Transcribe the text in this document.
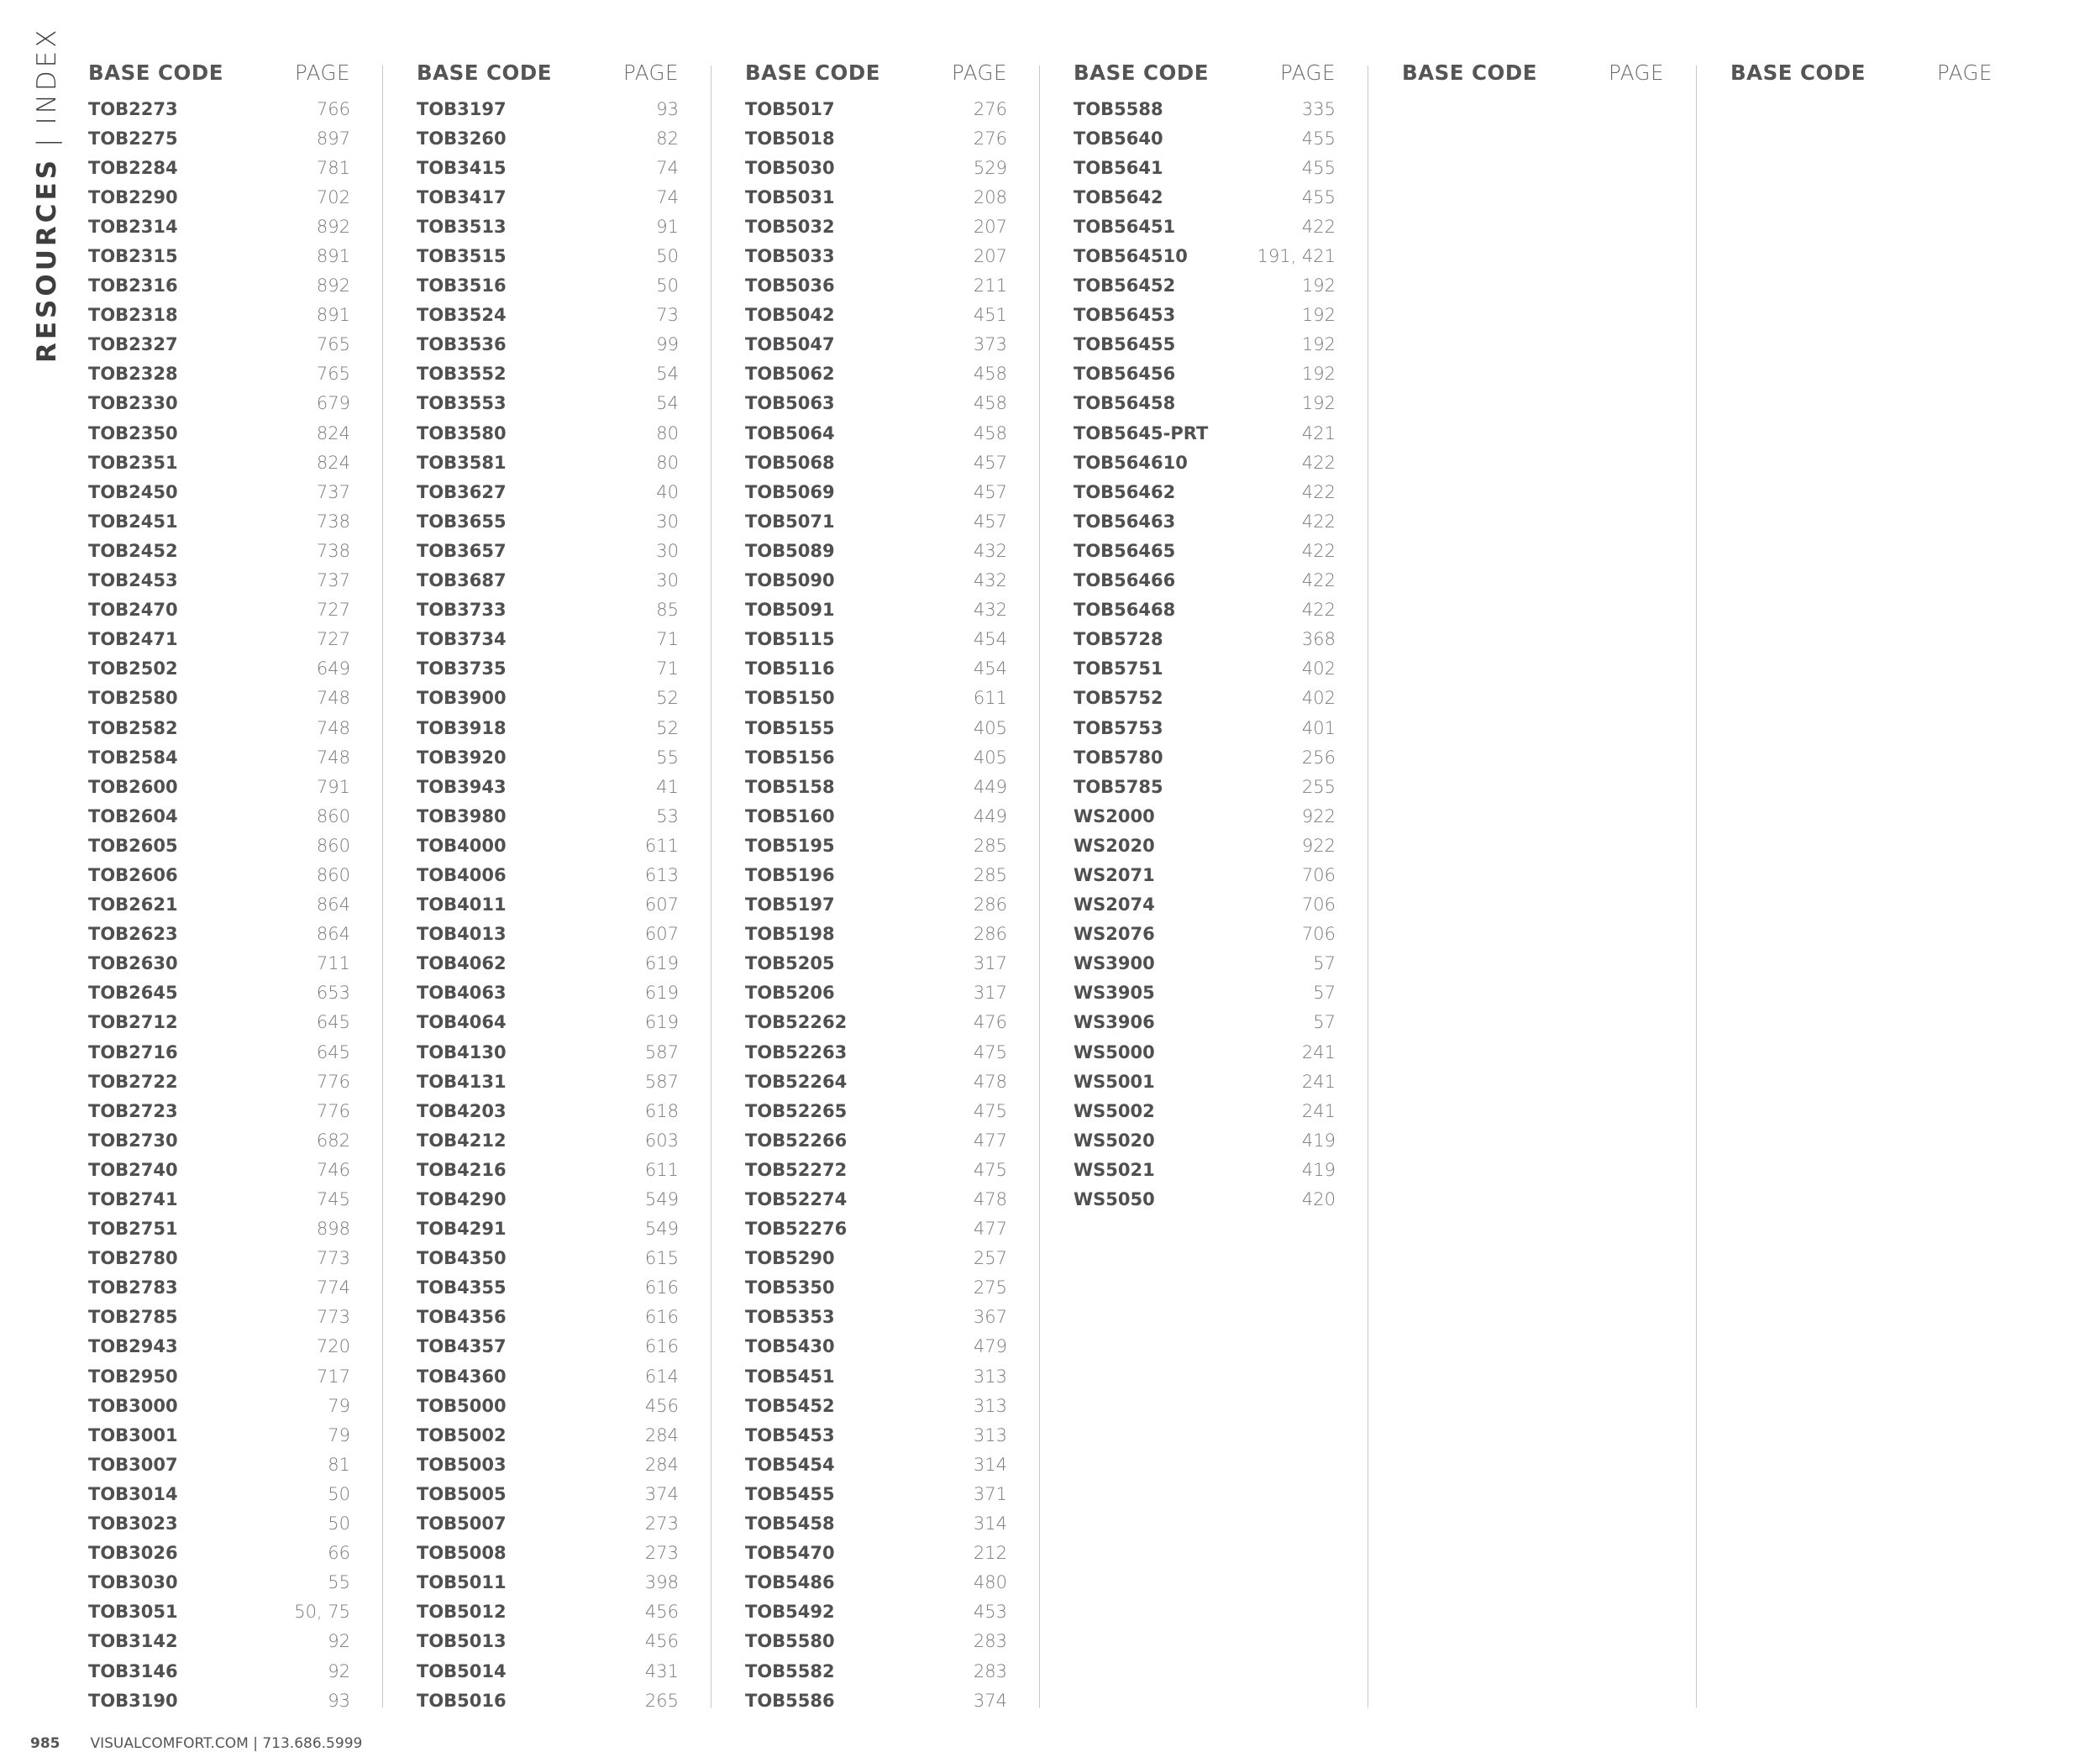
RESOURCES
|
INDEX BASE CODE	PAGE
TOB2273	766
TOB2275	897
TOB2284	781
TOB2290	702
TOB2314	892
TOB2315	891
TOB2316	892
TOB2318	891
TOB2327	765
TOB2328	765
TOB2330	679
TOB2350	824
TOB2351	824
TOB2450	737
TOB2451	738
TOB2452	738
TOB2453	737
TOB2470	727
TOB2471	727
TOB2502	649
TOB2580	748
TOB2582	748
TOB2584	748
TOB2600	791
TOB2604	860
TOB2605	860
TOB2606	860
TOB2621	864
TOB2623	864
TOB2630	711
TOB2645	653
TOB2712	645
TOB2716	645
TOB2722	776
TOB2723	776
TOB2730	682
TOB2740	746
TOB2741	745
TOB2751	898
TOB2780	773
TOB2783	774
TOB2785	773
TOB2943	720
TOB2950	717
TOB3000	79
TOB3001	79
TOB3007	81
TOB3014	50
TOB3023	50
TOB3026	66
TOB3030	55
TOB3051	50, 75
TOB3142	92
TOB3146	92
TOB3190	93
BASE CODE	PAGE
TOB3197	93
TOB3260	82
TOB3415	74
TOB3417	74
TOB3513	91
TOB3515	50
TOB3516	50
TOB3524	73
TOB3536	99
TOB3552	54
TOB3553	54
TOB3580	80
TOB3581	80
TOB3627	40
TOB3655	30
TOB3657	30
TOB3687	30
TOB3733	85
TOB3734	71
TOB3735	71
TOB3900	52
TOB3918	52
TOB3920	55
TOB3943	41
TOB3980	53
TOB4000	611
TOB4006	613
TOB4011	607
TOB4013	607
TOB4062	619
TOB4063	619
TOB4064	619
TOB4130	587
TOB4131	587
TOB4203	618
TOB4212	603
TOB4216	611
TOB4290	549
TOB4291	549
TOB4350	615
TOB4355	616
TOB4356	616
TOB4357	616
TOB4360	614
TOB5000	456
TOB5002	284
TOB5003	284
TOB5005	374
TOB5007	273
TOB5008	273
TOB5011	398
TOB5012	456
TOB5013	456
TOB5014	431
TOB5016	265
BASE CODE	PAGE
TOB5017	276
TOB5018	276
TOB5030	529
TOB5031	208
TOB5032	207
TOB5033	207
TOB5036	211
TOB5042	451
TOB5047	373
TOB5062	458
TOB5063	458
TOB5064	458
TOB5068	457
TOB5069	457
TOB5071	457
TOB5089	432
TOB5090	432
TOB5091	432
TOB5115	454
TOB5116	454
TOB5150	611
TOB5155	405
TOB5156	405
TOB5158	449
TOB5160	449
TOB5195	285
TOB5196	285
TOB5197	286
TOB5198	286
TOB5205	317
TOB5206	317
TOB52262	476
TOB52263	475
TOB52264	478
TOB52265	475
TOB52266	477
TOB52272	475
TOB52274	478
TOB52276	477
TOB5290	257
TOB5350	275
TOB5353	367
TOB5430	479
TOB5451	313
TOB5452	313
TOB5453	313
TOB5454	314
TOB5455	371
TOB5458	314
TOB5470	212
TOB5486	480
TOB5492	453
TOB5580	283
TOB5582	283
TOB5586	374
BASE CODE	PAGE
TOB5588	335
TOB5640	455
TOB5641	455
TOB5642	455
TOB56451	422
TOB564510	191, 421
TOB56452	192
TOB56453	192
TOB56455	192
TOB56456	192
TOB56458	192
TOB5645-PRT	421
TOB564610	422
TOB56462	422
TOB56463	422
TOB56465	422
TOB56466	422
TOB56468	422
TOB5728	368
TOB5751	402
TOB5752	402
TOB5753	401
TOB5780	256
TOB5785	255
WS2000	922
WS2020	922
WS2071	706
WS2074	706
WS2076	706
WS3900	57
WS3905	57
WS3906	57
WS5000	241
WS5001	241
WS5002	241
WS5020	419
WS5021	419
WS5050	420
BASE CODE	PAGE	BASE CODE	PAGE
985 VISUALCOMFORT.COM | 713.686.5999
